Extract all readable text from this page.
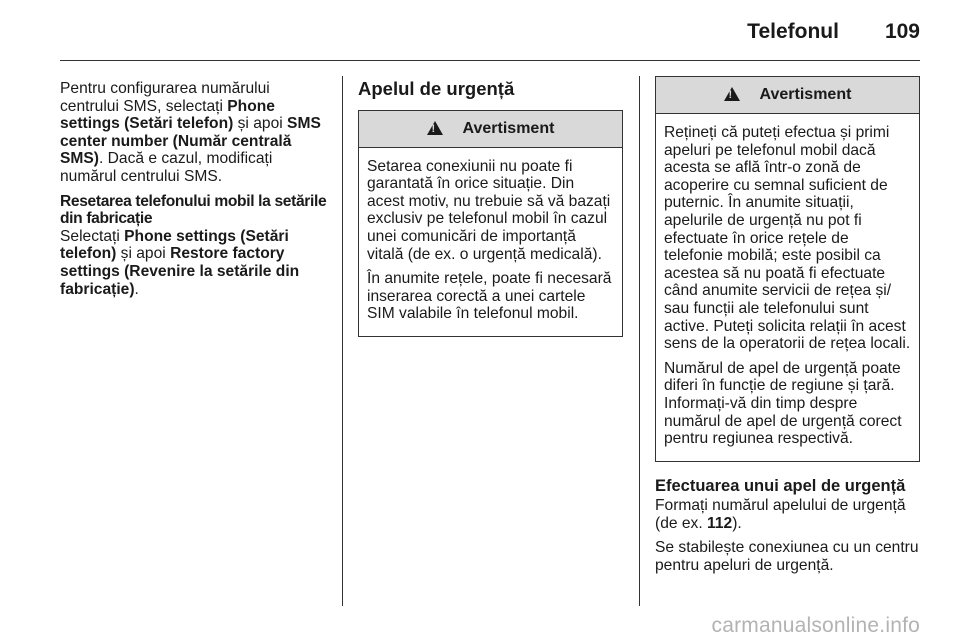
Telefonul 109

Pentru configurarea numărului centrului SMS, selectați Phone settings (Setări telefon) și apoi SMS center number (Număr centrală SMS). Dacă e cazul, modificați numărul centrului SMS.

Resetarea telefonului mobil la setările din fabricație

Selectați Phone settings (Setări telefon) și apoi Restore factory settings (Revenire la setările din fabricație).

Apelul de urgență
!
Avertisment

Setarea conexiunii nu poate fi garantată în orice situație. Din acest motiv, nu trebuie să vă bazați exclusiv pe telefonul mobil în cazul unei comunicări de importanță vitală (de ex. o urgență medicală).

În anumite rețele, poate fi necesară inserarea corectă a unei cartele SIM valabile în telefonul mobil.

!
Avertisment

Rețineți că puteți efectua și primi apeluri pe telefonul mobil dacă acesta se află într-o zonă de acoperire cu semnal suficient de puternic. În anumite situații, apelurile de urgență nu pot fi efectuate în orice rețele de telefonie mobilă; este posibil ca acestea să nu poată fi efectuate când anumite servicii de rețea și/ sau funcții ale telefonului sunt active. Puteți solicita relații în acest sens de la operatorii de rețea locali.

Numărul de apel de urgență poate diferi în funcție de regiune și țară. Informați-vă din timp despre numărul de apel de urgență corect pentru regiunea respectivă.

Efectuarea unui apel de urgență

Formați numărul apelului de urgență (de ex. 112).

Se stabilește conexiunea cu un centru pentru apeluri de urgență.

carmanualsonline.info
